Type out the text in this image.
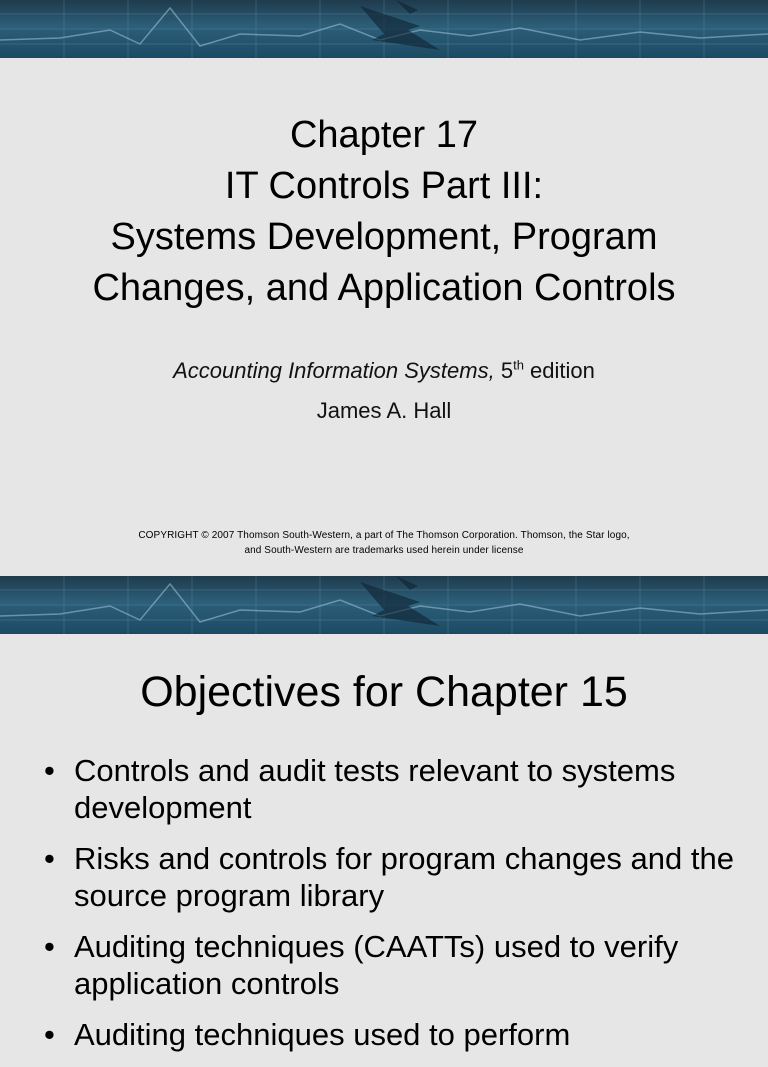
Chapter 17
IT Controls Part III:
Systems Development, Program
Changes, and Application Controls
Accounting Information Systems, 5th edition
James A. Hall
COPYRIGHT © 2007 Thomson South-Western, a part of The Thomson Corporation. Thomson, the Star logo,
and South-Western are trademarks used herein under license
Objectives for Chapter 15
• Controls and audit tests relevant to systems development
• Risks and controls for program changes and the source program library
• Auditing techniques (CAATTs) used to verify application controls
• Auditing techniques used to perform
